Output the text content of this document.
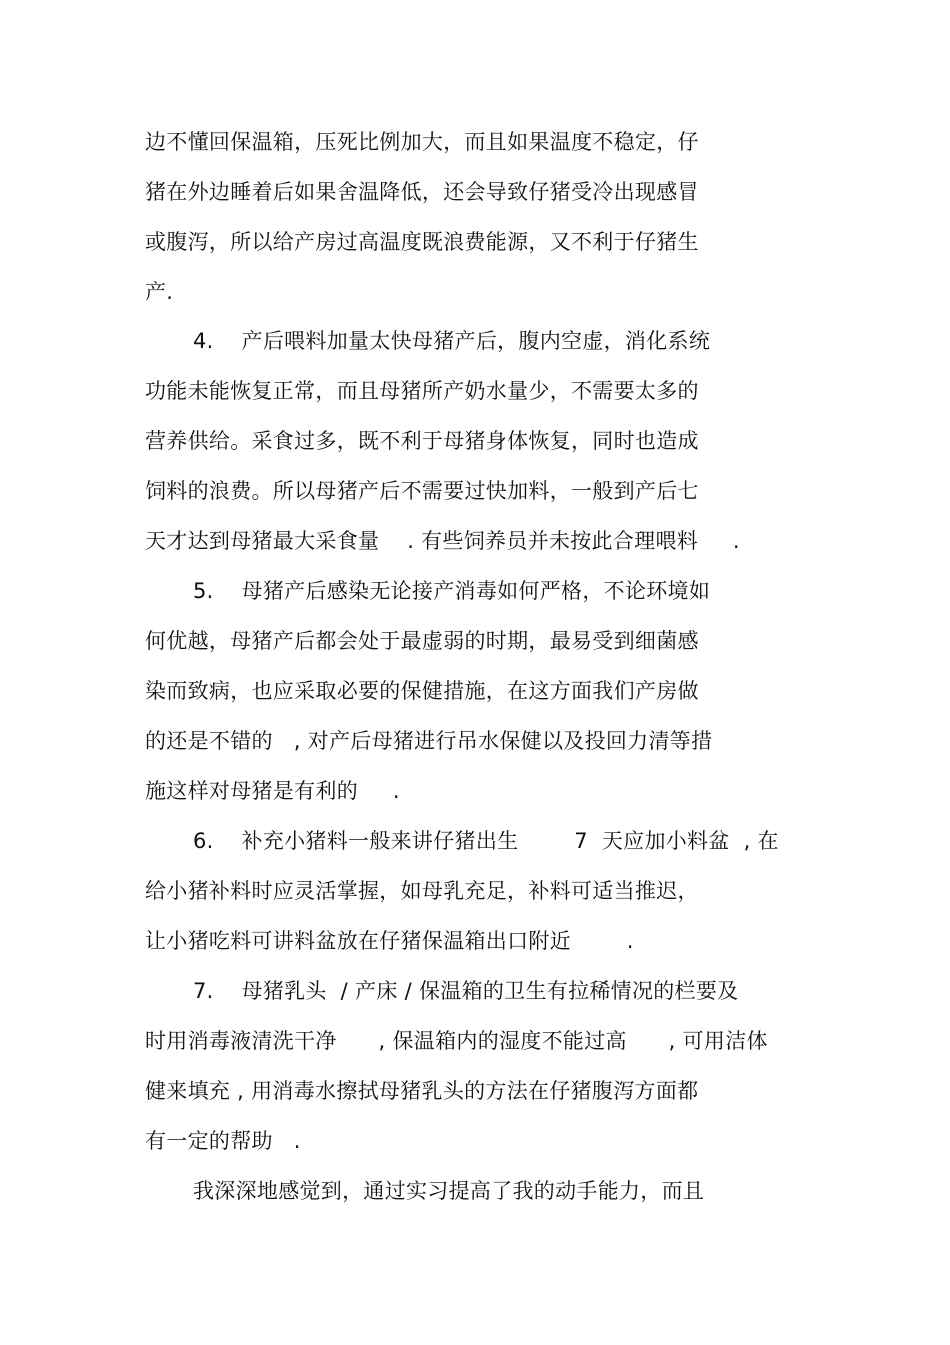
边不懂回保温箱，压死比例加大，而且如果温度不稳定，仔
猪在外边睡着后如果舍温降低，还会导致仔猪受冷出现感冒
或腹泻，所以给产房过高温度既浪费能源，又不利于仔猪生
产.
4.    产后喂料加量太快母猪产后，腹内空虚，消化系统
功能未能恢复正常，而且母猪所产奶水量少，不需要太多的
营养供给。采食过多，既不利于母猪身体恢复，同时也造成
饲料的浪费。所以母猪产后不需要过快加料，一般到产后七
天才达到母猪最大采食量    . 有些饲养员并未按此合理喂料     .
5.    母猪产后感染无论接产消毒如何严格，不论环境如
何优越，母猪产后都会处于最虚弱的时期，最易受到细菌感
染而致病，也应采取必要的保健措施，在这方面我们产房做
的还是不错的   , 对产后母猪进行吊水保健以及投回力清等措
施这样对母猪是有利的     .
6.    补充小猪料一般来讲仔猪出生        7  天应加小料盆  , 在
给小猪补料时应灵活掌握，如母乳充足，补料可适当推迟，
让小猪吃料可讲料盆放在仔猪保温箱出口附近        .
7.    母猪乳头  / 产床 / 保温箱的卫生有拉稀情况的栏要及
时用消毒液清洗干净      , 保温箱内的湿度不能过高      , 可用洁体
健来填充 , 用消毒水擦拭母猪乳头的方法在仔猪腹泻方面都
有一定的帮助   .
我深深地感觉到，通过实习提高了我的动手能力，而且
